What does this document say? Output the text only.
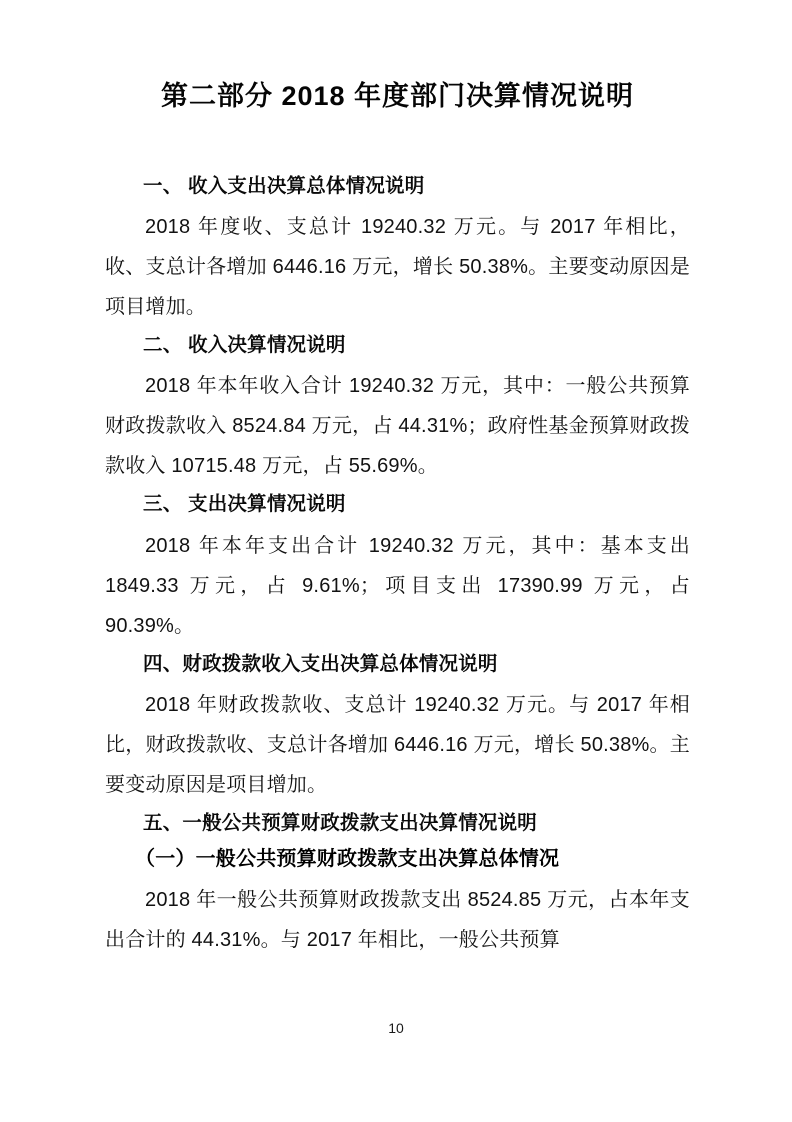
第二部分 2018 年度部门决算情况说明
一、 收入支出决算总体情况说明

2018 年度收、支总计 19240.32 万元。与 2017 年相比，收、支总计各增加 6446.16 万元，增长 50.38%。主要变动原因是项目增加。

二、 收入决算情况说明

2018 年本年收入合计 19240.32 万元，其中：一般公共预算财政拨款收入 8524.84 万元，占 44.31%；政府性基金预算财政拨款收入 10715.48 万元，占 55.69%。

三、 支出决算情况说明

2018 年本年支出合计 19240.32 万元，其中：基本支出 1849.33 万元，占 9.61%；项目支出 17390.99 万元，占 90.39%。

四、财政拨款收入支出决算总体情况说明

2018 年财政拨款收、支总计 19240.32 万元。与 2017 年相比，财政拨款收、支总计各增加 6446.16 万元，增长 50.38%。主要变动原因是项目增加。

五、一般公共预算财政拨款支出决算情况说明
（一）一般公共预算财政拨款支出决算总体情况

2018 年一般公共预算财政拨款支出 8524.85 万元，占本年支出合计的 44.31%。与 2017 年相比，一般公共预算

10
